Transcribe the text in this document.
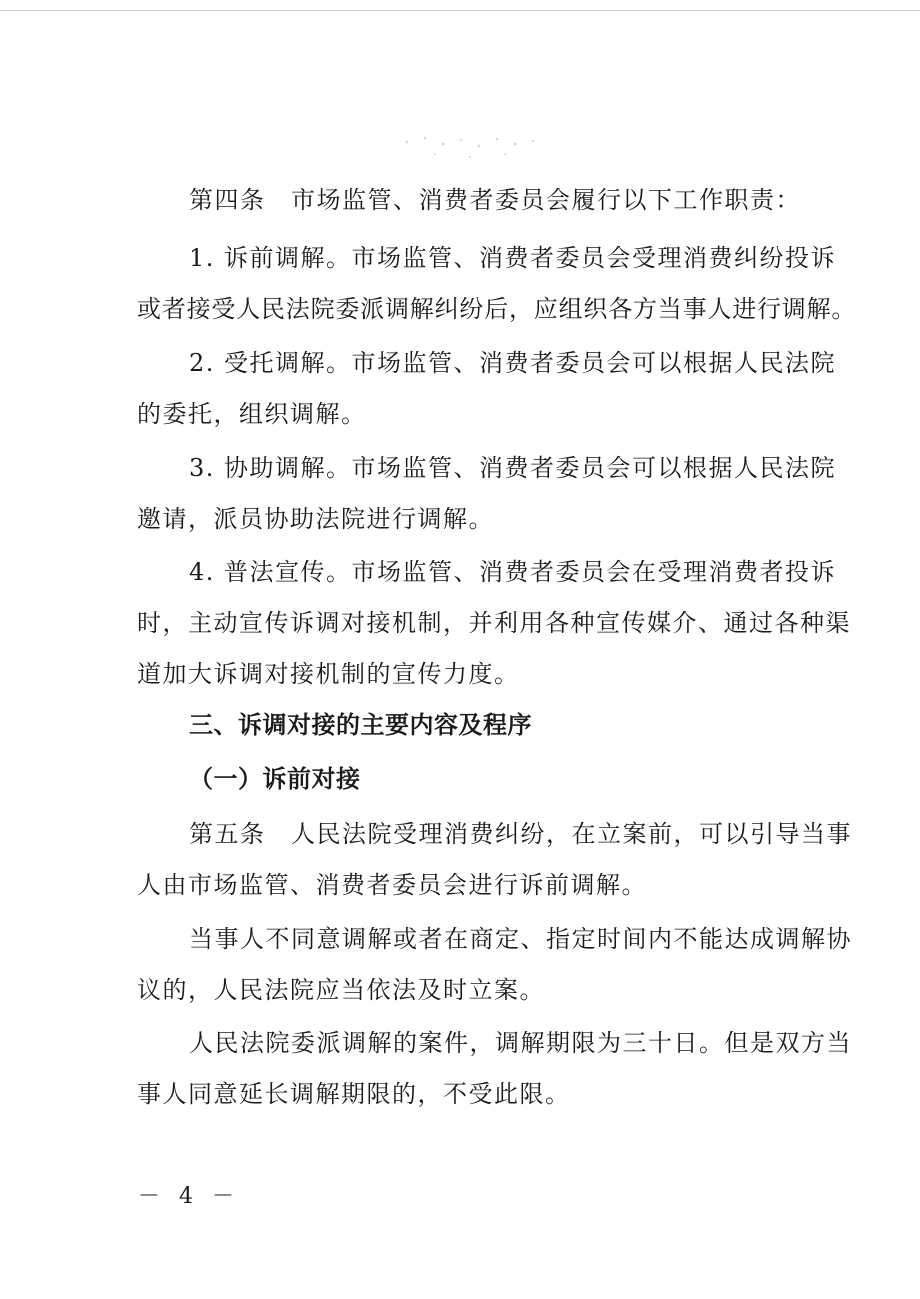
第四条　市场监管、消费者委员会履行以下工作职责：
1. 诉前调解。市场监管、消费者委员会受理消费纠纷投诉
或者接受人民法院委派调解纠纷后，应组织各方当事人进行调解。
2. 受托调解。市场监管、消费者委员会可以根据人民法院
的委托，组织调解。
3. 协助调解。市场监管、消费者委员会可以根据人民法院
邀请，派员协助法院进行调解。
4. 普法宣传。市场监管、消费者委员会在受理消费者投诉
时，主动宣传诉调对接机制，并利用各种宣传媒介、通过各种渠
道加大诉调对接机制的宣传力度。
三、诉调对接的主要内容及程序
（一）诉前对接
第五条　人民法院受理消费纠纷，在立案前，可以引导当事
人由市场监管、消费者委员会进行诉前调解。
当事人不同意调解或者在商定、指定时间内不能达成调解协
议的，人民法院应当依法及时立案。
人民法院委派调解的案件，调解期限为三十日。但是双方当
事人同意延长调解期限的，不受此限。
－ 4 －
